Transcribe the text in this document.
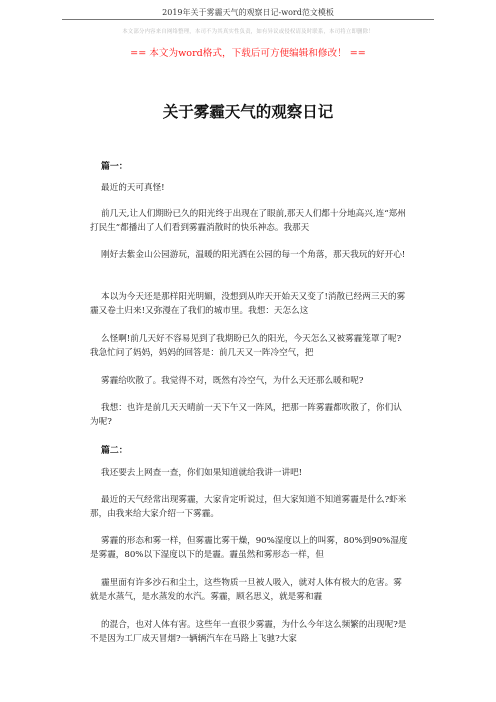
2019年关于雾霾天气的观察日记-word范文模板
本文部分内容来自网络整理，本司不为其真实性负责，如有异议或侵权请及时联系，本司将立即删除！
== 本文为word格式，下载后可方便编辑和修改！ ==
关于雾霾天气的观察日记
篇一：

最近的天可真怪!

前几天,让人们期盼已久的阳光终于出现在了眼前,那天人们都十分地高兴,连“郑州打民生”都播出了人们看到雾霾消散时的快乐神态。我那天

刚好去紫金山公园游玩，温暖的阳光洒在公园的每一个角落，那天我玩的好开心!

本以为今天还是那样阳光明媚，没想到从昨天开始天又变了!消散已经两三天的雾霾又卷土归来!又弥漫在了我们的城市里。我想：天怎么这

么怪啊!前几天好不容易见到了我期盼已久的阳光，今天怎么又被雾霾笼罩了呢?我急忙问了妈妈，妈妈的回答是：前几天又一阵冷空气，把

雾霾给吹散了。我觉得不对，既然有冷空气，为什么天还那么暖和呢?

我想：也许是前几天天晴前一天下午又一阵风，把那一阵雾霾都吹散了，你们认为呢?

篇二：

我还要去上网查一查，你们如果知道就给我讲一讲吧!

最近的天气经常出现雾霾，大家肯定听说过，但大家知道不知道雾霾是什么?虾米那，由我来给大家介绍一下雾霾。

雾霾的形态和雾一样，但雾霾比雾干燥，90%湿度以上的叫雾，80%到90%湿度是雾霾，80%以下湿度以下的是霾。霾虽然和雾形态一样，但

霾里面有许多沙石和尘土，这些物质一旦被人吸入，就对人体有极大的危害。雾就是水蒸气，是水蒸发的水汽。雾霾，顾名思义，就是雾和霾

的混合，也对人体有害。这些年一直很少雾霾，为什么今年这么频繁的出现呢?是不是因为工厂成天冒烟?一辆辆汽车在马路上飞驰?大家
